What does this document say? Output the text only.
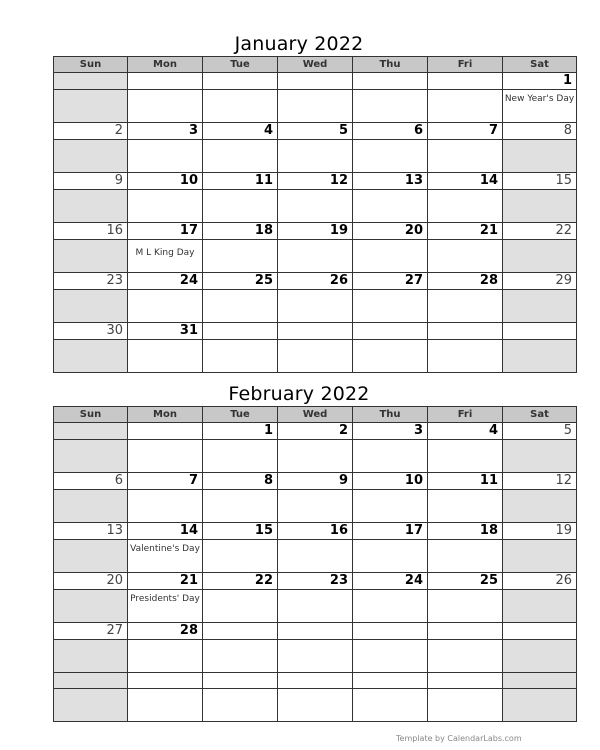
January 2022
Sun	Mon	Tue	Wed	Thu	Fri	Sat
						1

						New Year's Day

2	3	4	5	6	7	8

9	10	11	12	13	14	15

16	17	18	19	20	21	22

	M L King Day					

23	24	25	26	27	28	29

30	31					

February 2022
Sun	Mon	Tue	Wed	Thu	Fri	Sat
		1	2	3	4	5

6	7	8	9	10	11	12

13	14	15	16	17	18	19

	Valentine's Day					

20	21	22	23	24	25	26

	Presidents' Day					

27	28					

Template by CalendarLabs.com
